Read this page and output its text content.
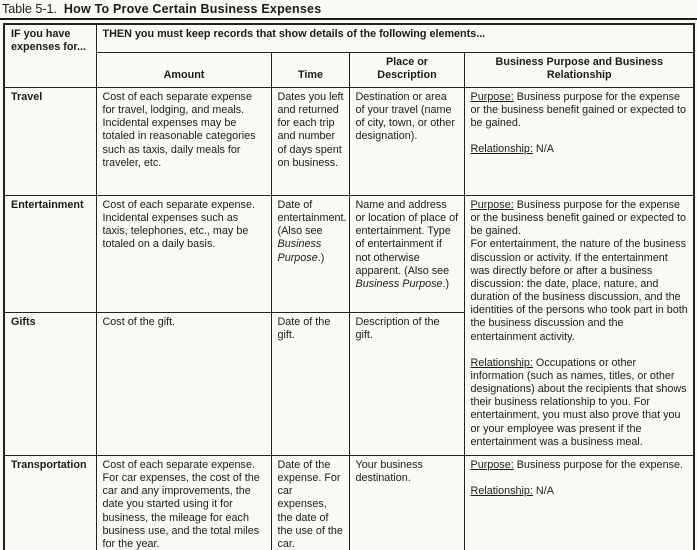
Table 5-1. How To Prove Certain Business Expenses
IF you have expenses for...	THEN you must keep records that show details of the following elements...			
	Amount	Time	Place or Description	Business Purpose and Business Relationship
Travel	Cost of each separate expense for travel, lodging, and meals. Incidental expenses may be totaled in reasonable categories such as taxis, daily meals for traveler, etc.	Dates you left and returned for each trip and number of days spent on business.	Destination or area of your travel (name of city, town, or other designation).	Purpose: Business purpose for the expense or the business benefit gained or expected to be gained.
Relationship: N/A

Entertainment	Cost of each separate expense. Incidental expenses such as taxis, telephones, etc., may be totaled on a daily basis.	Date of entertainment. (Also see Business Purpose.)	Name and address or location of place of entertainment. Type of entertainment if not otherwise apparent. (Also see Business Purpose.)	Purpose: Business purpose for the expense or the business benefit gained or expected to be gained.
For entertainment, the nature of the business discussion or activity. If the entertainment was directly before or after a business discussion: the date, place, nature, and duration of the business discussion, and the identities of the persons who took part in both the business discussion and the entertainment activity.
Relationship: Occupations or other information (such as names, titles, or other designations) about the recipients that shows their business relationship to you. For entertainment, you must also prove that you or your employee was present if the entertainment was a business meal.

Gifts	Cost of the gift.	Date of the gift.	Description of the gift.	
Transportation	Cost of each separate expense. For car expenses, the cost of the car and any improvements, the date you started using it for business, the mileage for each business use, and the total miles for the year.	Date of the expense. For car expenses, the date of the use of the car.	Your business destination.	Purpose: Business purpose for the expense.
Relationship: N/A
